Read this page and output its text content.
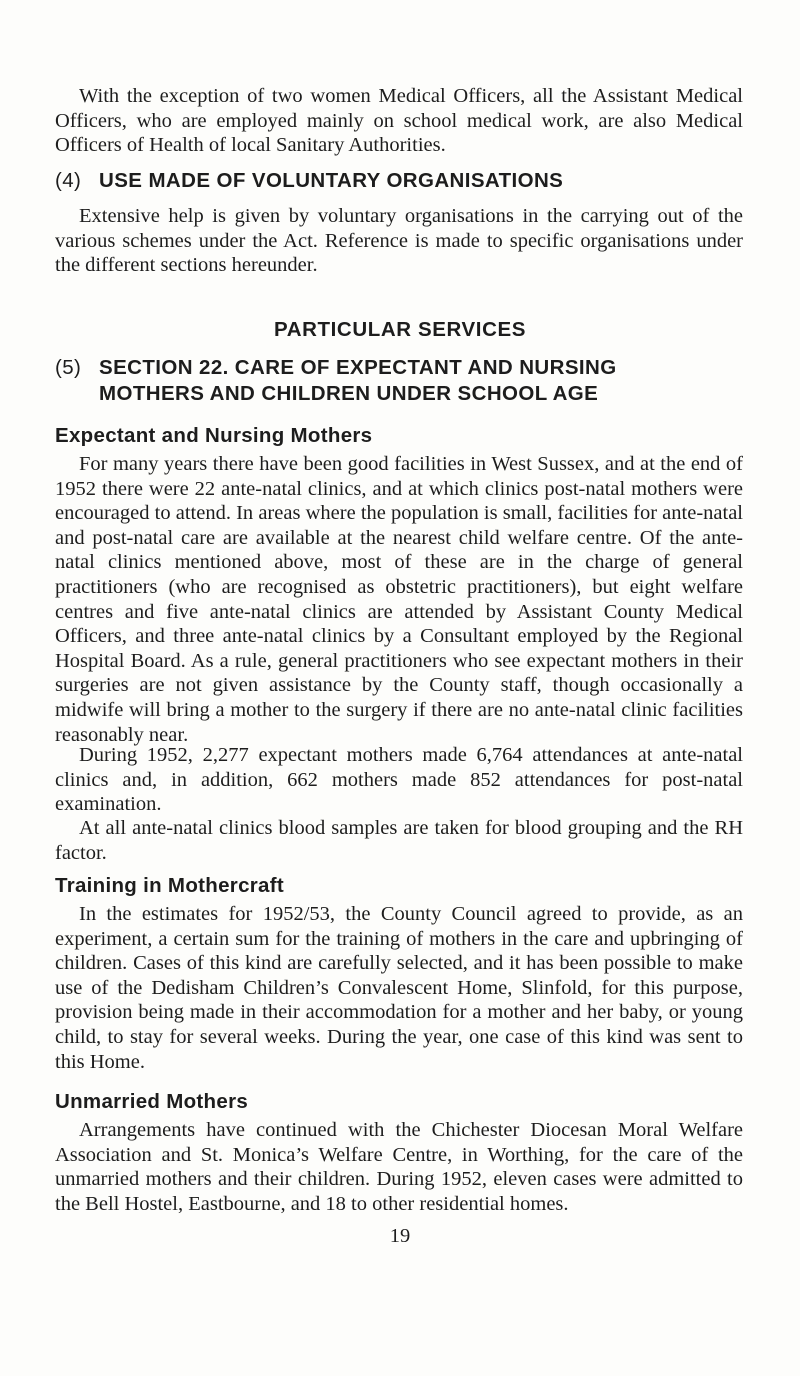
With the exception of two women Medical Officers, all the Assistant Medical Officers, who are employed mainly on school medical work, are also Medical Officers of Health of local Sanitary Authorities.

(4) USE MADE OF VOLUNTARY ORGANISATIONS

Extensive help is given by voluntary organisations in the carrying out of the various schemes under the Act. Reference is made to specific organisations under the different sections hereunder.

PARTICULAR SERVICES
(5) SECTION 22. CARE OF EXPECTANT AND NURSING
MOTHERS AND CHILDREN UNDER SCHOOL AGE
Expectant and Nursing Mothers

For many years there have been good facilities in West Sussex, and at the end of 1952 there were 22 ante-natal clinics, and at which clinics post-natal mothers were encouraged to attend. In areas where the population is small, facilities for ante-natal and post-natal care are available at the nearest child welfare centre. Of the ante-natal clinics mentioned above, most of these are in the charge of general practitioners (who are recognised as obstetric practitioners), but eight welfare centres and five ante-natal clinics are attended by Assistant County Medical Officers, and three ante-natal clinics by a Consultant employed by the Regional Hospital Board. As a rule, general practitioners who see expectant mothers in their surgeries are not given assistance by the County staff, though occasionally a midwife will bring a mother to the surgery if there are no ante-natal clinic facilities reasonably near.

During 1952, 2,277 expectant mothers made 6,764 attendances at ante-natal clinics and, in addition, 662 mothers made 852 attendances for post-natal examination.

At all ante-natal clinics blood samples are taken for blood grouping and the RH factor.

Training in Mothercraft

In the estimates for 1952/53, the County Council agreed to provide, as an experiment, a certain sum for the training of mothers in the care and upbringing of children. Cases of this kind are carefully selected, and it has been possible to make use of the Dedisham Children’s Convalescent Home, Slinfold, for this purpose, provision being made in their accommodation for a mother and her baby, or young child, to stay for several weeks. During the year, one case of this kind was sent to this Home.

Unmarried Mothers

Arrangements have continued with the Chichester Diocesan Moral Welfare Association and St. Monica’s Welfare Centre, in Worthing, for the care of the unmarried mothers and their children. During 1952, eleven cases were admitted to the Bell Hostel, Eastbourne, and 18 to other residential homes.

19
